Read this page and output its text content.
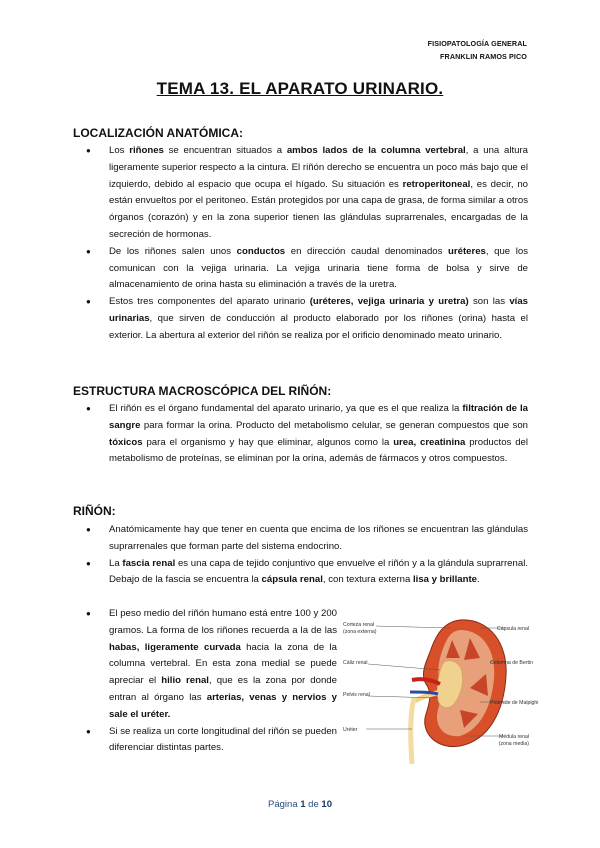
FISIOPATOLOGÍA GENERAL
FRANKLIN RAMOS PICO
TEMA 13. EL APARATO URINARIO.
LOCALIZACIÓN ANATÓMICA:
● Los riñones se encuentran situados a ambos lados de la columna vertebral, a una altura ligeramente superior respecto a la cintura. El riñón derecho se encuentra un poco más bajo que el izquierdo, debido al espacio que ocupa el hígado. Su situación es retroperitoneal, es decir, no están envueltos por el peritoneo. Están protegidos por una capa de grasa, de forma similar a otros órganos (corazón) y en la zona superior tienen las glándulas suprarrenales, encargadas de la secreción de hormonas.
● De los riñones salen unos conductos en dirección caudal denominados uréteres, que los comunican con la vejiga urinaria. La vejiga urinaria tiene forma de bolsa y sirve de almacenamiento de orina hasta su eliminación a través de la uretra.
● Estos tres componentes del aparato urinario (uréteres, vejiga urinaria y uretra) son las vías urinarias, que sirven de conducción al producto elaborado por los riñones (orina) hasta el exterior. La abertura al exterior del riñón se realiza por el orificio denominado meato urinario.
ESTRUCTURA MACROSCÓPICA DEL RIÑÓN:
● El riñón es el órgano fundamental del aparato urinario, ya que es el que realiza la filtración de la sangre para formar la orina. Producto del metabolismo celular, se generan compuestos que son tóxicos para el organismo y hay que eliminar, algunos como la urea, creatinina productos del metabolismo de proteínas, se eliminan por la orina, además de fármacos y otros compuestos.
RIÑÓN:
● Anatómicamente hay que tener en cuenta que encima de los riñones se encuentran las glándulas suprarrenales que forman parte del sistema endocrino.
● La fascia renal es una capa de tejido conjuntivo que envuelve el riñón y a la glándula suprarrenal. Debajo de la fascia se encuentra la cápsula renal, con textura externa lisa y brillante.
● El peso medio del riñón humano está entre 100 y 200 gramos. La forma de los riñones recuerda a la de las habas, ligeramente curvada hacia la zona de la columna vertebral. En esta zona medial se puede apreciar el hilio renal, que es la zona por donde entran al órgano las arterias, venas y nervios y sale el uréter.
● Si se realiza un corte longitudinal del riñón se pueden diferenciar distintas partes.
Corteza renal
(zona externa)
Cáliz renal
Pelvis renal
Uréter
Cápsula renal
Columna de Bertin
Pirámide de Malpighi
Médula renal
(zona media)
Página 1 de 10
